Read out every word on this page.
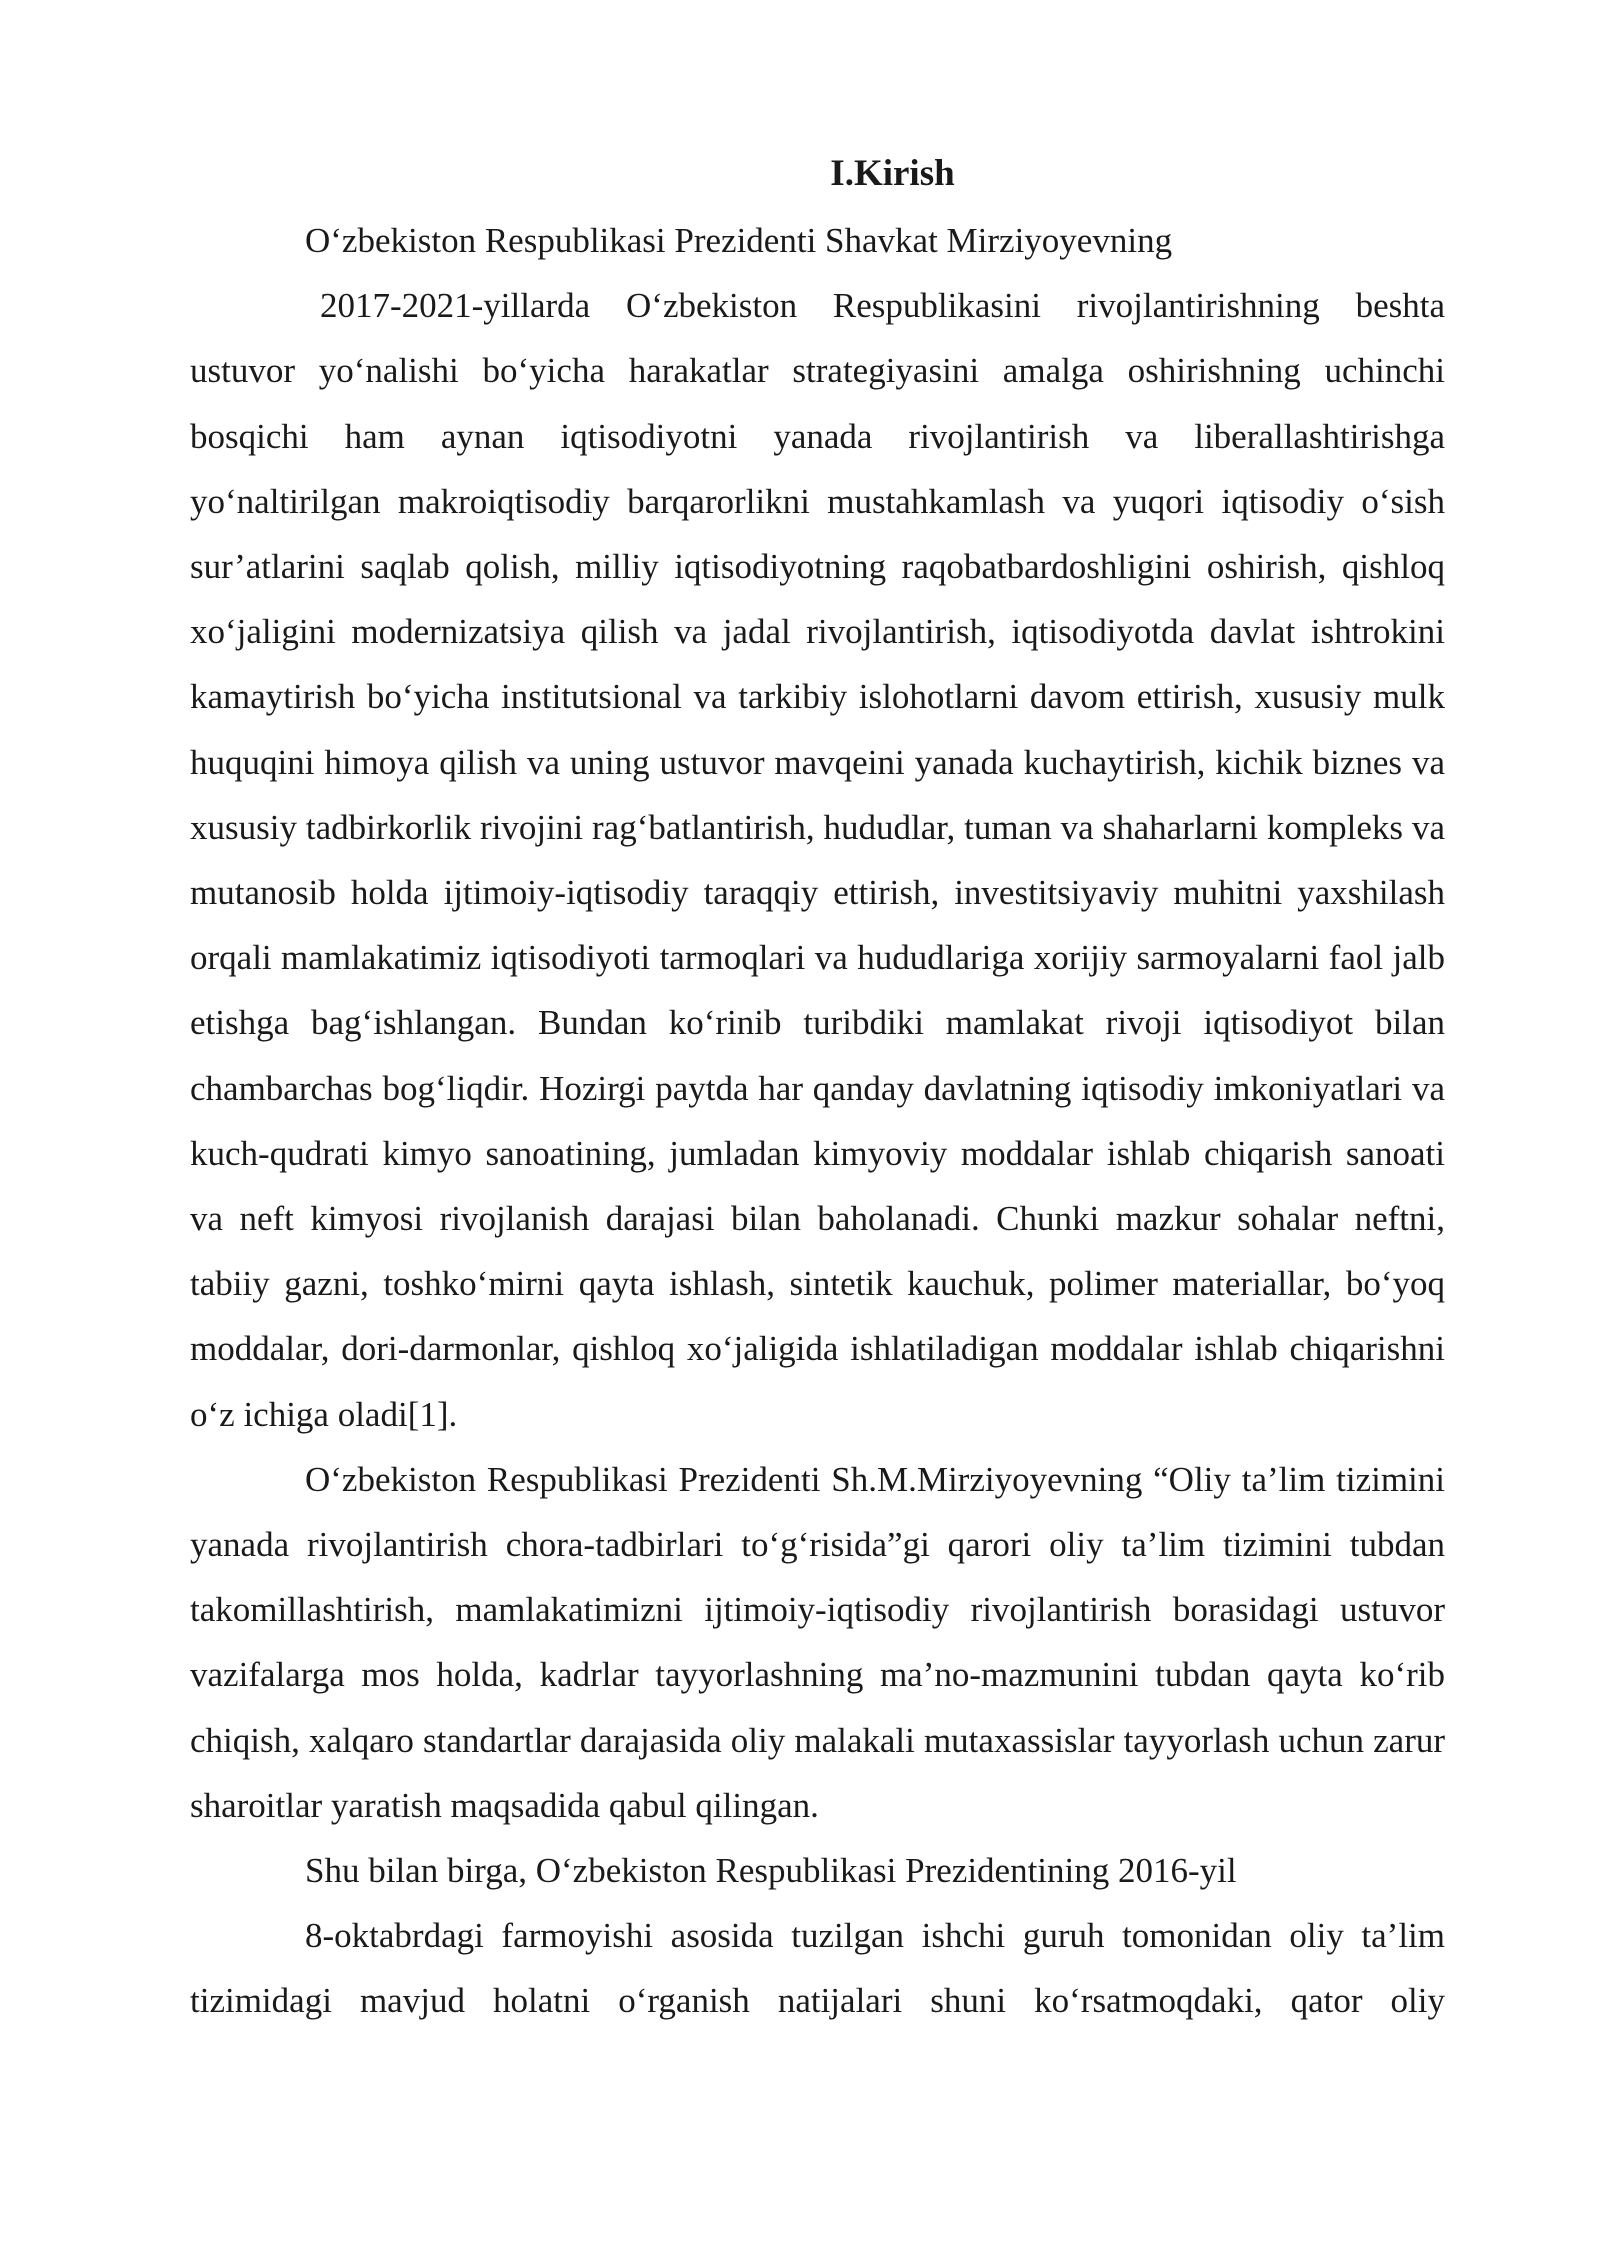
I.Kirish

O‘zbekiston Respublikasi Prezidenti Shavkat Mirziyoyevning

2017-2021-yillarda O‘zbekiston Respublikasini rivojlantirishning beshta ustuvor yo‘nalishi bo‘yicha harakatlar strategiyasini amalga oshirishning uchinchi bosqichi ham aynan iqtisodiyotni yanada rivojlantirish va liberallashtirishga yo‘naltirilgan makroiqtisodiy barqarorlikni mustahkamlash va yuqori iqtisodiy o‘sish sur’atlarini saqlab qolish, milliy iqtisodiyotning raqobatbardoshligini oshirish, qishloq xo‘jaligini modernizatsiya qilish va jadal rivojlantirish, iqtisodiyotda davlat ishtrokini kamaytirish bo‘yicha institutsional va tarkibiy islohotlarni davom ettirish, xususiy mulk huquqini himoya qilish va uning ustuvor mavqeini yanada kuchaytirish, kichik biznes va xususiy tadbirkorlik rivojini rag‘batlantirish, hududlar, tuman va shaharlarni kompleks va mutanosib holda ijtimoiy-iqtisodiy taraqqiy ettirish, investitsiyaviy muhitni yaxshilash orqali mamlakatimiz iqtisodiyoti tarmoqlari va hududlariga xorijiy sarmoyalarni faol jalb etishga bag‘ishlangan. Bundan ko‘rinib turibdiki mamlakat rivoji iqtisodiyot bilan chambarchas bog‘liqdir. Hozirgi paytda har qanday davlatning iqtisodiy imkoniyatlari va kuch-qudrati kimyo sanoatining, jumladan kimyoviy moddalar ishlab chiqarish sanoati va neft kimyosi rivojlanish darajasi bilan baholanadi. Chunki mazkur sohalar neftni, tabiiy gazni, toshko‘mirni qayta ishlash, sintetik kauchuk, polimer materiallar, bo‘yoq moddalar, dori-darmonlar, qishloq xo‘jaligida ishlatiladigan moddalar ishlab chiqarishni o‘z ichiga oladi[1].

O‘zbekiston Respublikasi Prezidenti Sh.M.Mirziyoyevning “Oliy ta’lim tizimini yanada rivojlantirish chora-tadbirlari to‘g‘risida”gi qarori oliy ta’lim tizimini tubdan takomillashtirish, mamlakatimizni ijtimoiy-iqtisodiy rivojlantirish borasidagi ustuvor vazifalarga mos holda, kadrlar tayyorlashning ma’no-mazmunini tubdan qayta ko‘rib chiqish, xalqaro standartlar darajasida oliy malakali mutaxassislar tayyorlash uchun zarur sharoitlar yaratish maqsadida qabul qilingan.

Shu bilan birga, O‘zbekiston Respublikasi Prezidentining 2016-yil

8-oktabrdagi farmoyishi asosida tuzilgan ishchi guruh tomonidan oliy ta’lim tizimidagi mavjud holatni o‘rganish natijalari shuni ko‘rsatmoqdaki, qator oliy
